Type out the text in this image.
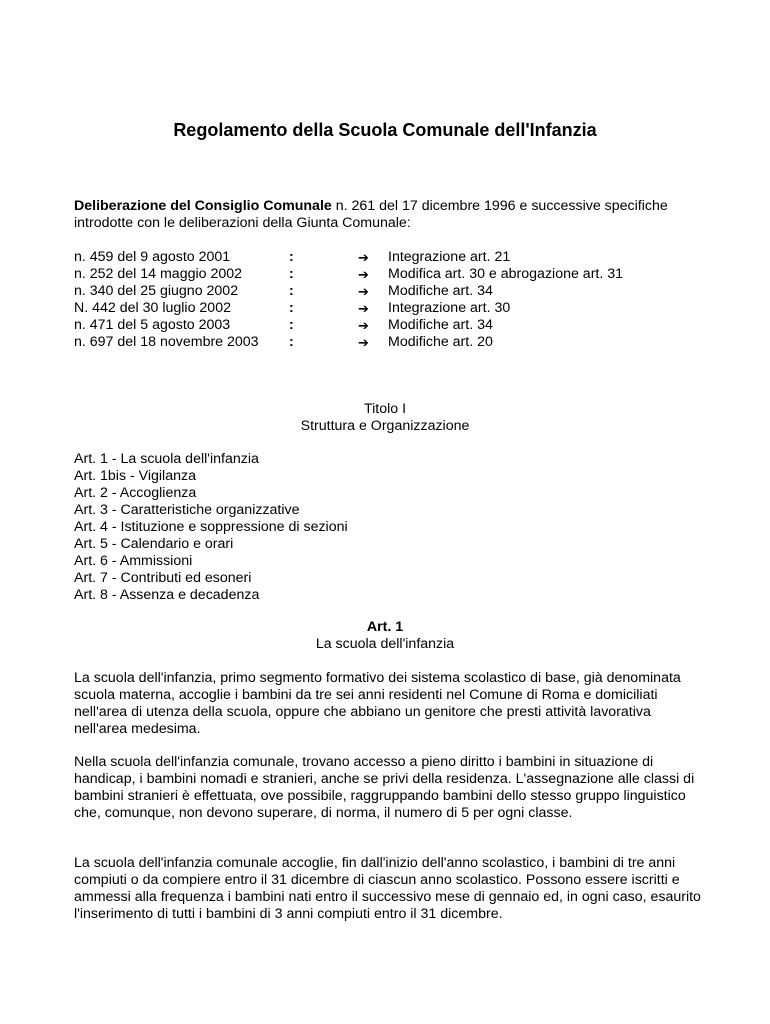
Regolamento della Scuola Comunale dell'Infanzia
Deliberazione del Consiglio Comunale n. 261 del 17 dicembre 1996 e successive specifiche introdotte con le deliberazioni della Giunta Comunale:
n. 459 del 9 agosto 2001	:	➔ Integrazione art. 21
n. 252 del 14 maggio 2002	:	➔ Modifica art. 30 e abrogazione art. 31
n. 340 del 25 giugno 2002	:	➔ Modifiche art. 34
N. 442 del 30 luglio 2002	:	➔ Integrazione art. 30
n. 471 del 5 agosto 2003	:	➔ Modifiche art. 34
n. 697 del 18 novembre 2003 :	➔ Modifiche art. 20
Titolo I
Struttura e Organizzazione
Art. 1 - La scuola dell'infanzia
Art. 1bis - Vigilanza
Art. 2 - Accoglienza
Art. 3 - Caratteristiche organizzative
Art. 4 - Istituzione e soppressione di sezioni
Art. 5 - Calendario e orari
Art. 6 - Ammissioni
Art. 7 - Contributi ed esoneri
Art. 8 - Assenza e decadenza
Art. 1
La scuola dell'infanzia
La scuola dell'infanzia, primo segmento formativo dei sistema scolastico di base, già denominata scuola materna, accoglie i bambini da tre sei anni residenti nel Comune di Roma e domiciliati nell'area di utenza della scuola, oppure che abbiano un genitore che presti attività lavorativa nell'area medesima.
Nella scuola dell'infanzia comunale, trovano accesso a pieno diritto i bambini in situazione di handicap, i bambini nomadi e stranieri, anche se privi della residenza. L'assegnazione alle classi di bambini stranieri è effettuata, ove possibile, raggruppando bambini dello stesso gruppo linguistico che, comunque, non devono superare, di norma, il numero di 5 per ogni classe.
La scuola dell'infanzia comunale accoglie, fin dall'inizio dell'anno scolastico, i bambini di tre anni compiuti o da compiere entro il 31 dicembre di ciascun anno scolastico. Possono essere iscritti e ammessi alla frequenza i bambini nati entro il successivo mese di gennaio ed, in ogni caso, esaurito l'inserimento di tutti i bambini di 3 anni compiuti entro il 31 dicembre.
